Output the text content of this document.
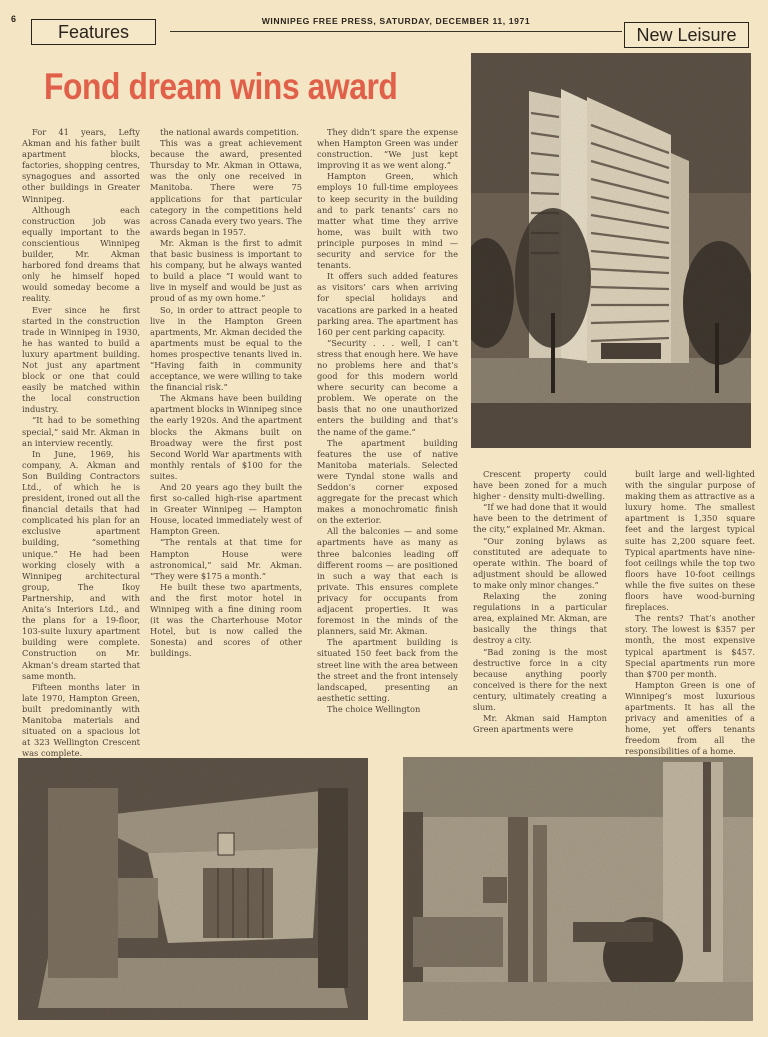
6
Features
WINNIPEG FREE PRESS, SATURDAY, DECEMBER 11, 1971
New Leisure
Fond dream wins award

For 41 years, Lefty Akman and his father built apartment blocks, factories, shopping centres, synagogues and assorted other buildings in Greater Winnipeg.

Although each construction job was equally important to the conscientious Winnipeg builder, Mr. Akman harbored fond dreams that only he himself hoped would someday become a reality.

Ever since he first started in the construction trade in Winnipeg in 1930, he has wanted to build a luxury apartment building. Not just any apartment block or one that could easily be matched within the local construction industry.

“It had to be something special,” said Mr. Akman in an interview recently.

In June, 1969, his company, A. Akman and Son Building Contractors Ltd., of which he is president, ironed out all the financial details that had complicated his plan for an exclusive apartment building, “something unique.” He had been working closely with a Winnipeg architectural group, The Ikoy Partnership, and with Anita’s Interiors Ltd., and the plans for a 19-floor, 103-suite luxury apartment building were complete. Construction on Mr. Akman’s dream started that same month.

Fifteen months later in late 1970, Hampton Green, built predominantly with Manitoba materials and situated on a spacious lot at 323 Wellington Crescent was complete.

the national awards competition.

This was a great achievement because the award, presented Thursday to Mr. Akman in Ottawa, was the only one received in Manitoba. There were 75 applications for that particular category in the competitions held across Canada every two years. The awards began in 1957.

Mr. Akman is the first to admit that basic business is important to his company, but he always wanted to build a place “I would want to live in myself and would be just as proud of as my own home.”

So, in order to attract people to live in the Hampton Green apartments, Mr. Akman decided the apartments must be equal to the homes prospective tenants lived in. “Having faith in community acceptance, we were willing to take the financial risk.”

The Akmans have been building apartment blocks in Winnipeg since the early 1920s. And the apartment blocks the Akmans built on Broadway were the first post Second World War apartments with monthly rentals of $100 for the suites.

And 20 years ago they built the first so-called high-rise apartment in Greater Winnipeg — Hampton House, located immediately west of Hampton Green.

“The rentals at that time for Hampton House were astronomical,” said Mr. Akman. “They were $175 a month.”

He built these two apartments, and the first motor hotel in Winnipeg with a fine dining room (it was the Charterhouse Motor Hotel, but is now called the Sonesta) and scores of other buildings.

They didn’t spare the expense when Hampton Green was under construction. “We just kept improving it as we went along.”

Hampton Green, which employs 10 full-time employees to keep security in the building and to park tenants’ cars no matter what time they arrive home, was built with two principle purposes in mind — security and service for the tenants.

It offers such added features as visitors’ cars when arriving for special holidays and vacations are parked in a heated parking area. The apartment has 160 per cent parking capacity.

“Security . . . well, I can’t stress that enough here. We have no problems here and that’s good for this modern world where security can become a problem. We operate on the basis that no one unauthorized enters the building and that’s the name of the game.”

The apartment building features the use of native Manitoba materials. Selected were Tyndal stone walls and Seddon’s corner exposed aggregate for the precast which makes a monochromatic finish on the exterior.

All the balconies — and some apartments have as many as three balconies leading off different rooms — are positioned in such a way that each is private. This ensures complete privacy for occupants from adjacent properties. It was foremost in the minds of the planners, said Mr. Akman.

The apartment building is situated 150 feet back from the street line with the area between the street and the front intensely landscaped, presenting an aesthetic setting.

The choice Wellington

Crescent property could have been zoned for a much higher - density multi-dwelling.

“If we had done that it would have been to the detriment of the city,” explained Mr. Akman.

“Our zoning bylaws as constituted are adequate to operate within. The board of adjustment should be allowed to make only minor changes.”

Relaxing the zoning regulations in a particular area, explained Mr. Akman, are basically the things that destroy a city.

“Bad zoning is the most destructive force in a city because anything poorly conceived is there for the next century, ultimately creating a slum.

Mr. Akman said Hampton Green apartments were

built large and well-lighted with the singular purpose of making them as attractive as a luxury home. The smallest apartment is 1,350 square feet and the largest typical suite has 2,200 square feet. Typical apartments have nine-foot ceilings while the top two floors have 10-foot ceilings while the five suites on these floors have wood-burning fireplaces.

The rents? That’s another story. The lowest is $357 per month, the most expensive typical apartment is $457. Special apartments run more than $700 per month.

Hampton Green is one of Winnipeg’s most luxurious apartments. It has all the privacy and amenities of a home, yet offers tenants freedom from all the responsibilities of a home.
